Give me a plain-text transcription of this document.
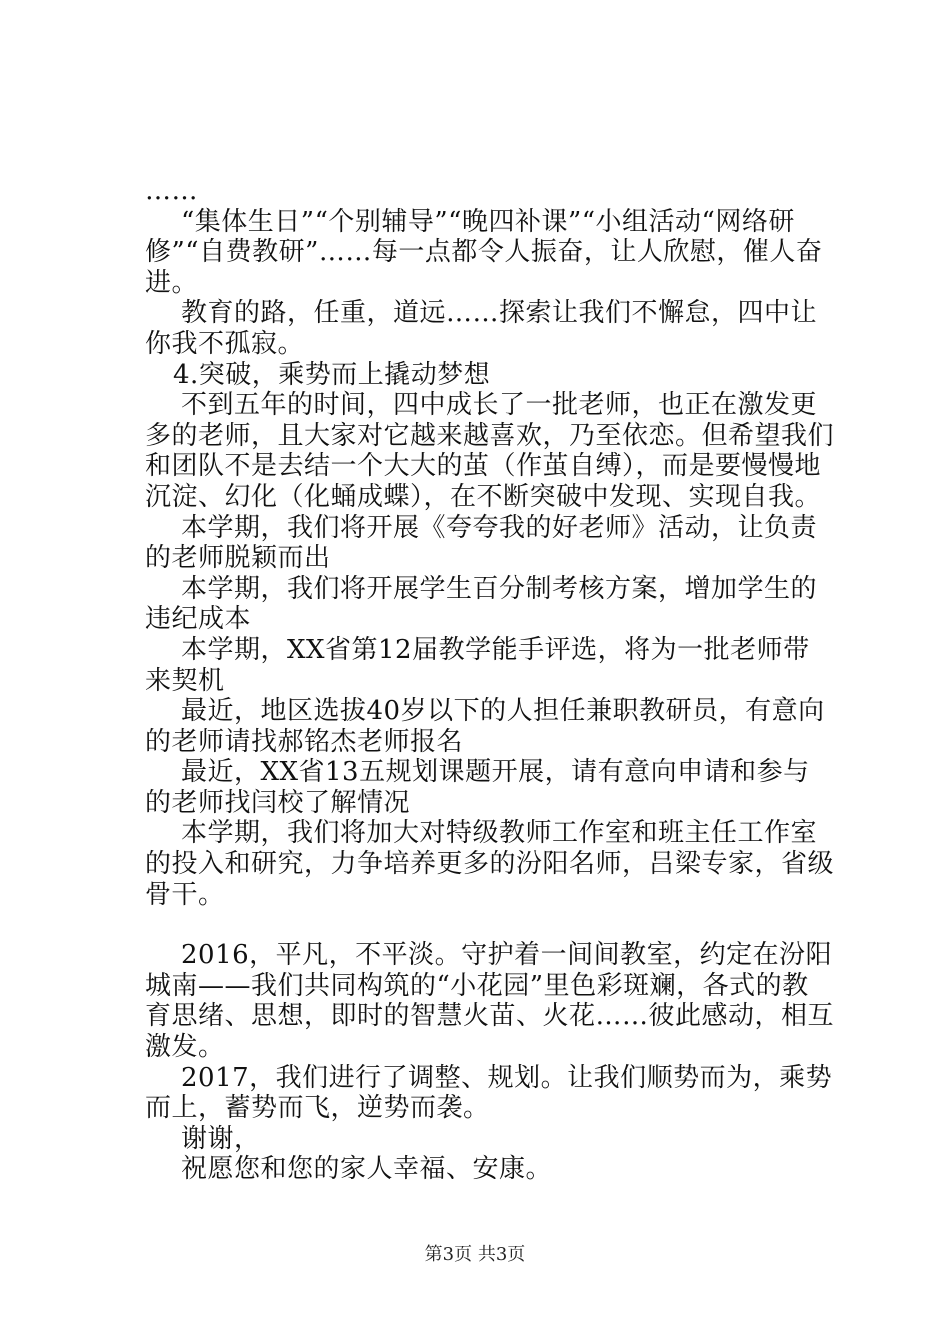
……

“集体生日”“个别辅导”“晚四补课”“小组活动“网络研修”“自费教研”……每一点都令人振奋，让人欣慰，催人奋进。

教育的路，任重，道远……探索让我们不懈怠，四中让你我不孤寂。

4.突破，乘势而上撬动梦想

不到五年的时间，四中成长了一批老师，也正在激发更多的老师，且大家对它越来越喜欢，乃至依恋。但希望我们和团队不是去结一个大大的茧（作茧自缚），而是要慢慢地沉淀、幻化（化蛹成蝶），在不断突破中发现、实现自我。

本学期，我们将开展《夸夸我的好老师》活动，让负责的老师脱颖而出

本学期，我们将开展学生百分制考核方案，增加学生的违纪成本

本学期，XX省第12届教学能手评选，将为一批老师带来契机

最近，地区选拔40岁以下的人担任兼职教研员，有意向的老师请找郝铭杰老师报名

最近，XX省13五规划课题开展，请有意向申请和参与的老师找闫校了解情况

本学期，我们将加大对特级教师工作室和班主任工作室的投入和研究，力争培养更多的汾阳名师，吕梁专家，省级骨干。

2016，平凡，不平淡。守护着一间间教室，约定在汾阳城南——我们共同构筑的“小花园”里色彩斑斓，各式的教育思绪、思想，即时的智慧火苗、火花……彼此感动，相互激发。

2017，我们进行了调整、规划。让我们顺势而为，乘势而上，蓄势而飞，逆势而袭。

谢谢，

祝愿您和您的家人幸福、安康。

第3页 共3页
